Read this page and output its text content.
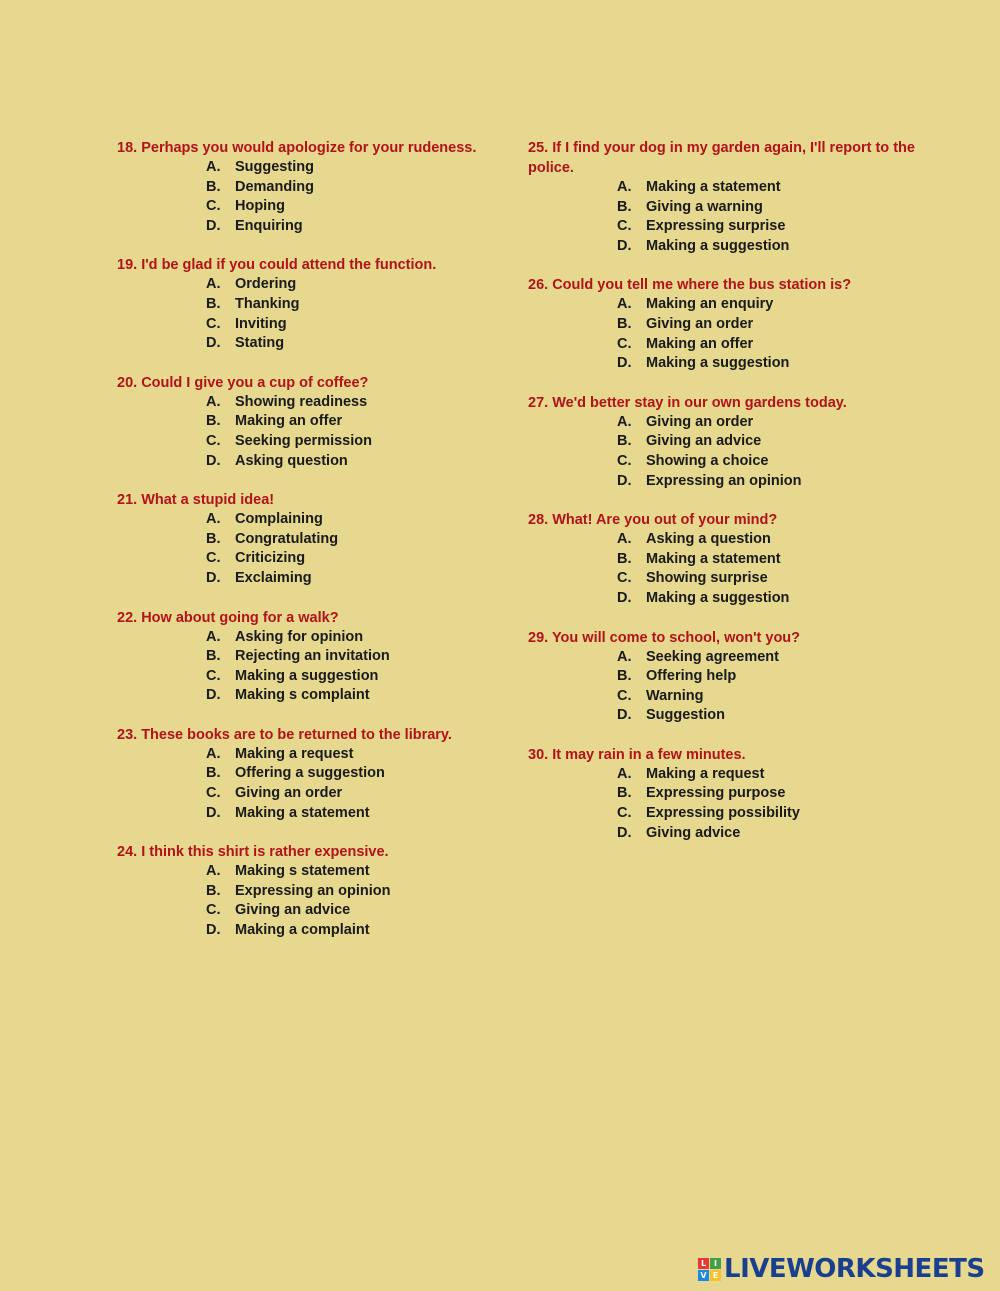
18. Perhaps you would apologize for your rudeness.

A.	Suggesting
B.	Demanding
C.	Hoping
D.	Enquiring

19. I'd be glad if you could attend the function.

A.	Ordering
B.	Thanking
C.	Inviting
D.	Stating

20. Could I give you a cup of coffee?

A.	Showing readiness
B.	Making an offer
C.	Seeking permission
D.	Asking question

21. What a stupid idea!

A.	Complaining
B.	Congratulating
C.	Criticizing
D.	Exclaiming

22. How about going for a walk?

A.	Asking for opinion
B.	Rejecting an invitation
C.	Making a suggestion
D.	Making s complaint

23. These books are to be returned to the library.

A.	Making a request
B.	Offering a suggestion
C.	Giving an order
D.	Making a statement

24. I think this shirt is rather expensive.

A.	Making s statement
B.	Expressing an opinion
C.	Giving an advice
D.	Making a complaint

25. If I find your dog in my garden again, I'll report to the police.

A.	Making a statement
B.	Giving a warning
C.	Expressing surprise
D.	Making a suggestion

26. Could you tell me where the bus station is?

A.	Making an enquiry
B.	Giving an order
C.	Making an offer
D.	Making a suggestion

27. We'd better stay in our own gardens today.

A.	Giving an order
B.	Giving an advice
C.	Showing a choice
D.	Expressing an opinion

28. What! Are you out of your mind?

A.	Asking a question
B.	Making a statement
C.	Showing surprise
D.	Making a suggestion

29. You will come to school, won't you?

A.	Seeking agreement
B.	Offering help
C.	Warning
D.	Suggestion

30. It may rain in a few minutes.

A.	Making a request
B.	Expressing purpose
C.	Expressing possibility
D.	Giving advice
L I
V E LIVEWORKSHEETS
